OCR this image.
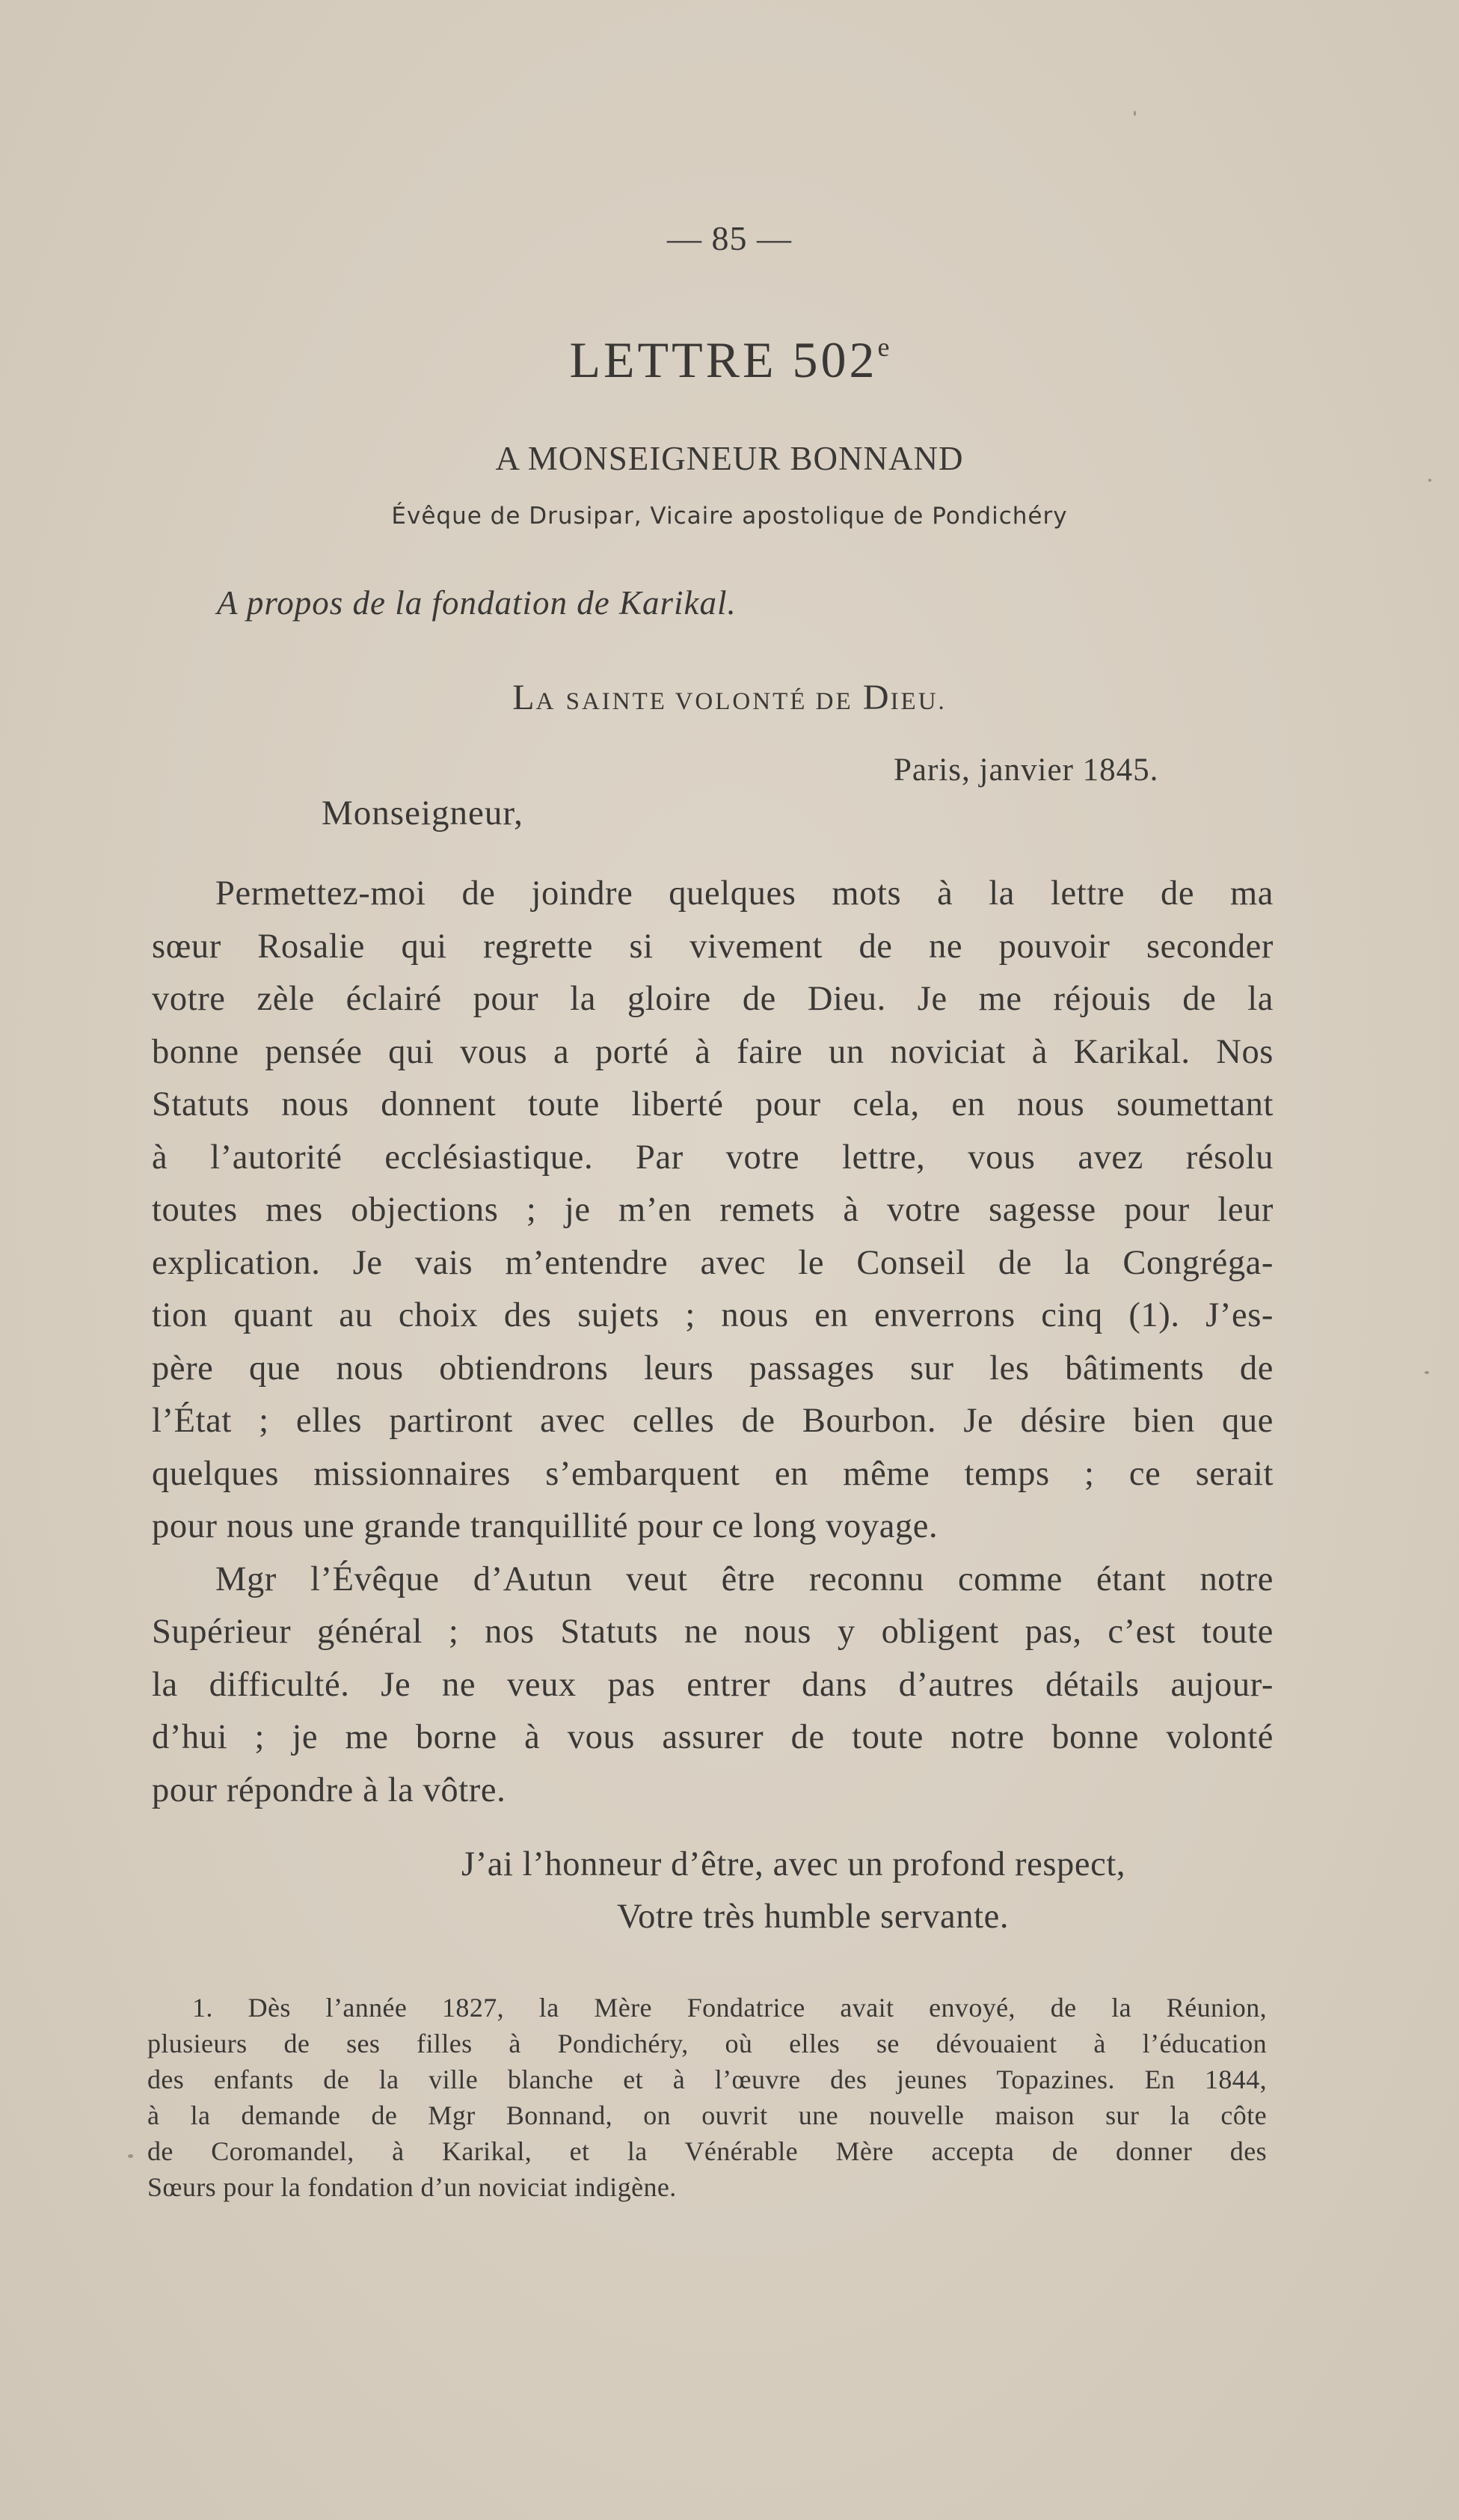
— 85 —
LETTRE 502e
A MONSEIGNEUR BONNAND
Évêque de Drusipar, Vicaire apostolique de Pondichéry
A propos de la fondation de Karikal.
LA SAINTE VOLONTÉ DE DIEU.
Paris, janvier 1845.
Monseigneur,
Permettez-moi de joindre quelques mots à la lettre de ma
sœur Rosalie qui regrette si vivement de ne pouvoir seconder
votre zèle éclairé pour la gloire de Dieu. Je me réjouis de la
bonne pensée qui vous a porté à faire un noviciat à Karikal. Nos
Statuts nous donnent toute liberté pour cela, en nous soumettant
à l’autorité ecclésiastique. Par votre lettre, vous avez résolu
toutes mes objections ; je m’en remets à votre sagesse pour leur
explication. Je vais m’entendre avec le Conseil de la Congréga-
tion quant au choix des sujets ; nous en enverrons cinq (1). J’es-
père que nous obtiendrons leurs passages sur les bâtiments de
l’État ; elles partiront avec celles de Bourbon. Je désire bien que
quelques missionnaires s’embarquent en même temps ; ce serait
pour nous une grande tranquillité pour ce long voyage.
Mgr l’Évêque d’Autun veut être reconnu comme étant notre
Supérieur général ; nos Statuts ne nous y obligent pas, c’est toute
la difficulté. Je ne veux pas entrer dans d’autres détails aujour-
d’hui ; je me borne à vous assurer de toute notre bonne volonté
pour répondre à la vôtre.
J’ai l’honneur d’être, avec un profond respect,
Votre très humble servante.
1. Dès l’année 1827, la Mère Fondatrice avait envoyé, de la Réunion,
plusieurs de ses filles à Pondichéry, où elles se dévouaient à l’éducation
des enfants de la ville blanche et à l’œuvre des jeunes Topazines. En 1844,
à la demande de Mgr Bonnand, on ouvrit une nouvelle maison sur la côte
de Coromandel, à Karikal, et la Vénérable Mère accepta de donner des
Sœurs pour la fondation d’un noviciat indigène.
